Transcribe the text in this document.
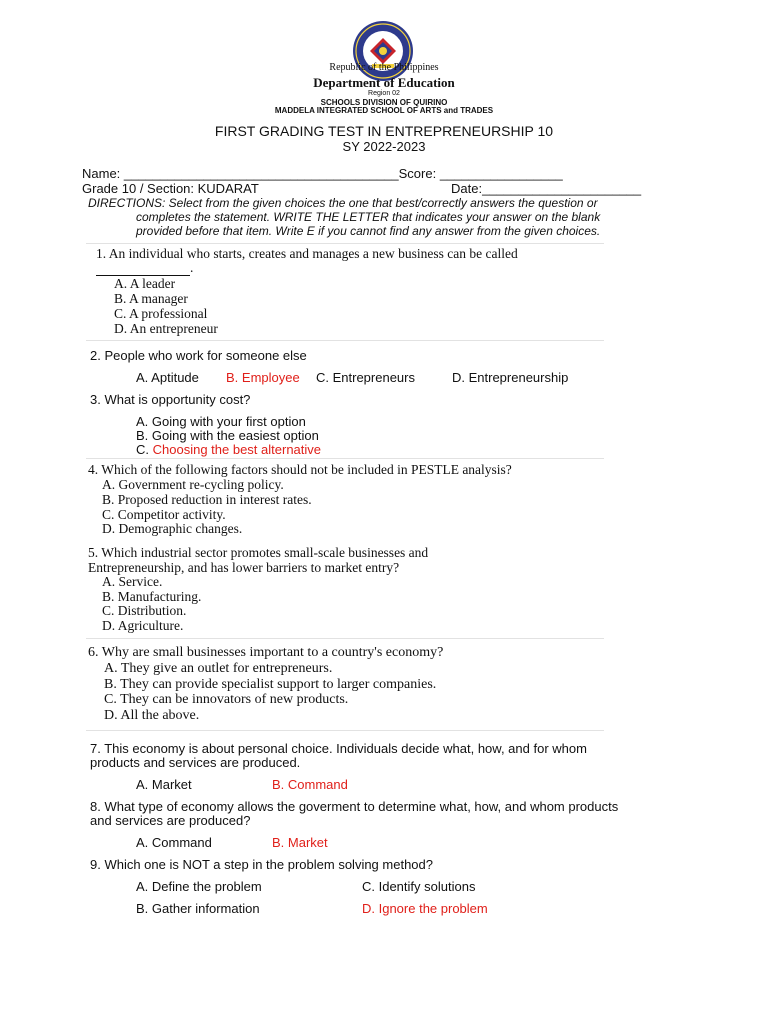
Republic of the Philippines
Department of Education
Region 02
SCHOOLS DIVISION OF QUIRINO
MADDELA INTEGRATED SCHOOL OF ARTS and TRADES
FIRST GRADING TEST IN ENTREPRENEURSHIP 10
SY 2022-2023
Name: ______________________________________Score: _________________
Grade 10 / Section: KUDARAT	Date:______________________
DIRECTIONS: Select from the given choices the one that best/correctly answers the question or
completes the statement. WRITE THE LETTER that indicates your answer on the blank
provided before that item. Write E if you cannot find any answer from the given choices.
1. An individual who starts, creates and manages a new business can be called
.
A. A leader
B. A manager
C. A professional
D. An entrepreneur
2. People who work for someone else
A. Aptitude B. Employee C. Entrepreneurs	D. Entrepreneurship
3. What is opportunity cost?
A. Going with your first option
B. Going with the easiest option
C. Choosing the best alternative
4. Which of the following factors should not be included in PESTLE analysis?
A. Government re-cycling policy.
B. Proposed reduction in interest rates.
C. Competitor activity.
D. Demographic changes.
5. Which industrial sector promotes small-scale businesses and
Entrepreneurship, and has lower barriers to market entry?
A. Service.
B. Manufacturing.
C. Distribution.
D. Agriculture.
6. Why are small businesses important to a country's economy?
A. They give an outlet for entrepreneurs.
B. They can provide specialist support to larger companies.
C. They can be innovators of new products.
D. All the above.
7. This economy is about personal choice. Individuals decide what, how, and for whom
products and services are produced.
A. Market	B. Command
8. What type of economy allows the goverment to determine what, how, and whom products
and services are produced?
A. Command	B. Market
9. Which one is NOT a step in the problem solving method?
A. Define the problem	C. Identify solutions
B. Gather information	D. Ignore the problem
